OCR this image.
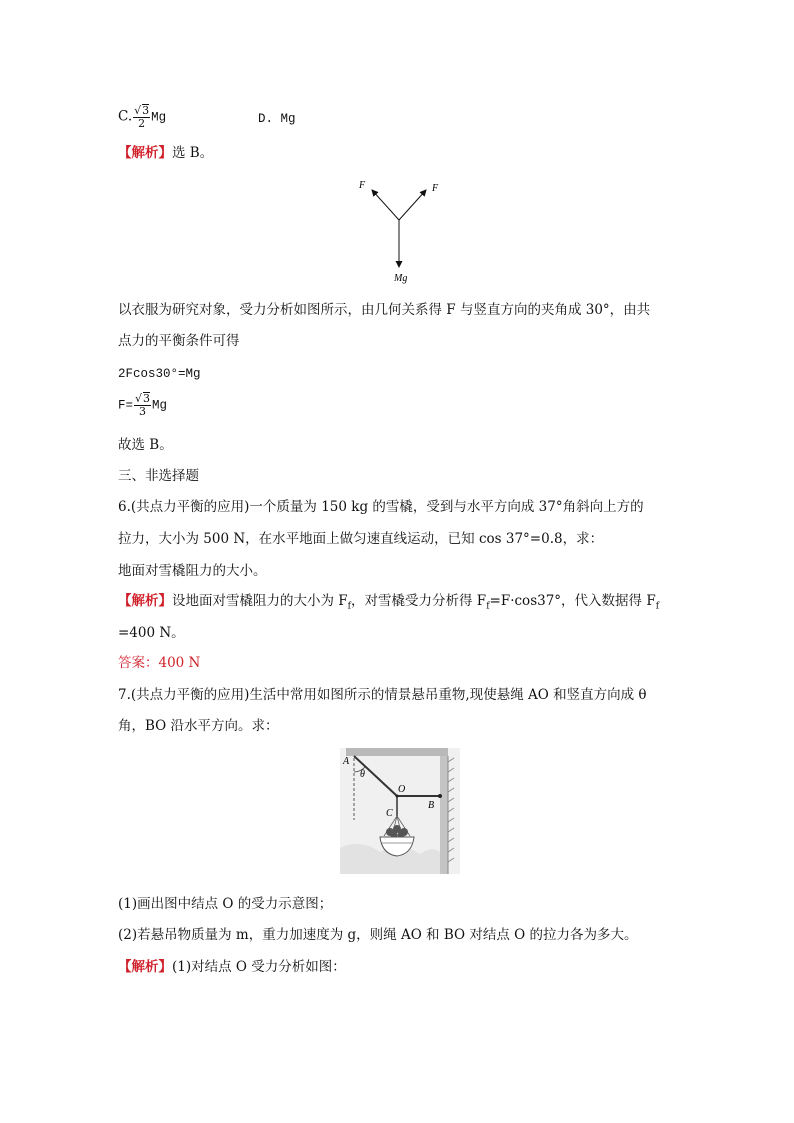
C. $\frac{√3}{2}$ Mg	D. Mg
【解析】选 B。
F	F
Mg
以衣服为研究对象，受力分析如图所示，由几何关系得 F 与竖直方向的夹角成 30°，由共
点力的平衡条件可得
2Fcos30°=Mg
$F= \frac{√3}{3}$ Mg
故选 B。
三、非选择题
6.(共点力平衡的应用)一个质量为 150 kg 的雪橇，受到与水平方向成 37°角斜向上方的
拉力，大小为 500 N，在水平地面上做匀速直线运动，已知 cos 37°=0.8，求：
地面对雪橇阻力的大小。
【解析】设地面对雪橇阻力的大小为 $F_f$，对雪橇受力分析得 $F_f=F\cdot\cos 37^\circ$，代入数据得 $F_f$
=400 N。
答案：400 N
7.(共点力平衡的应用)生活中常用如图所示的情景悬吊重物,现使悬绳 AO 和竖直方向成 θ
角，BO 沿水平方向。求：
A
θ
O
B
C
(1)画出图中结点 O 的受力示意图；
(2)若悬吊物质量为 m，重力加速度为 g，则绳 AO 和 BO 对结点 O 的拉力各为多大。
【解析】(1)对结点 O 受力分析如图：
